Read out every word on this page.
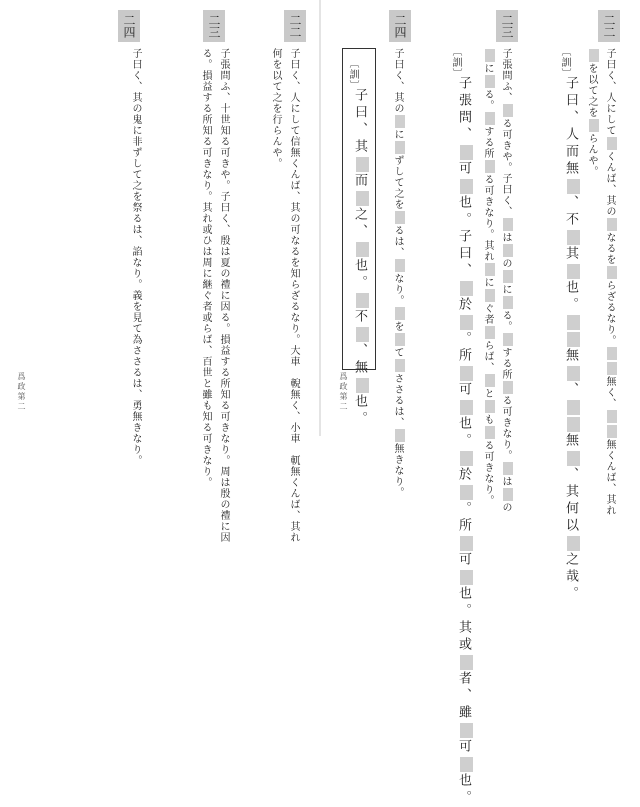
二四
子曰く、其の鬼に非ずして之を祭るは、諂なり。義を見て為ささるは、勇無きなり。
二三
子張問ふ、十世知る可きや。子曰く、殷は夏の禮に因る。損益する所知る可きなり。周は殷の禮に因
る。損益する所知る可きなり。其れ或ひは周に継ぐ者或らば、百世と雖も知る可きなり。
二二
子曰く、人にして信無くんば、其の可なるを知らざるなり。大車　輗無く、小車　軏無くんば、其れ
何を以て之を行らんや。
爲政第二
二四
子曰く、其のにずして之をるは、なり。をてささるは、無きなり。
〔訓〕
子曰、其而之、也。不、無也。
二三
子張問ふ、る可きや。子曰く、はのにる。する所る可きなり。はの
にる。する所る可きなり。其れにぐ者らば、ともる可きなり。
〔訓〕
子張問、可也。子曰、於。所可也。於。所可也。其或者、雖可也。
二二
子曰く、人にしてくんば、其のなるをらざるなり。無く、無くんば、其れ
を以て之をらんや。
〔訓〕
子曰、人而無、不其也。無、無、其何以之哉。
爲政第二
